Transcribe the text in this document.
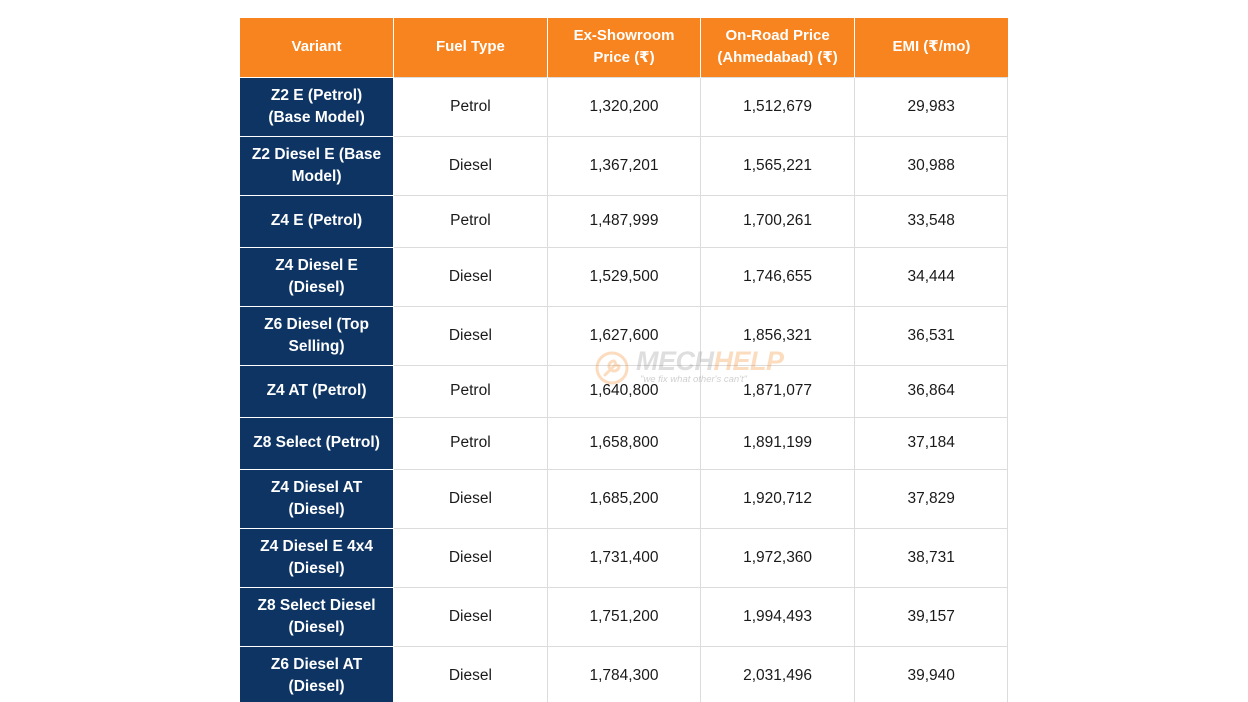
Variant	Fuel Type	Ex-Showroom Price (₹)	On-Road Price (Ahmedabad) (₹)	EMI (₹/mo)
Z2 E (Petrol) (Base Model)	Petrol	1,320,200	1,512,679	29,983
Z2 Diesel E (Base Model)	Diesel	1,367,201	1,565,221	30,988
Z4 E (Petrol)	Petrol	1,487,999	1,700,261	33,548
Z4 Diesel E (Diesel)	Diesel	1,529,500	1,746,655	34,444
Z6 Diesel (Top Selling)	Diesel	1,627,600	1,856,321	36,531
Z4 AT (Petrol)	Petrol	1,640,800	1,871,077	36,864
Z8 Select (Petrol)	Petrol	1,658,800	1,891,199	37,184
Z4 Diesel AT (Diesel)	Diesel	1,685,200	1,920,712	37,829
Z4 Diesel E 4x4 (Diesel)	Diesel	1,731,400	1,972,360	38,731
Z8 Select Diesel (Diesel)	Diesel	1,751,200	1,994,493	39,157
Z6 Diesel AT (Diesel)	Diesel	1,784,300	2,031,496	39,940
MECHHELP
"we fix what other's can't"
